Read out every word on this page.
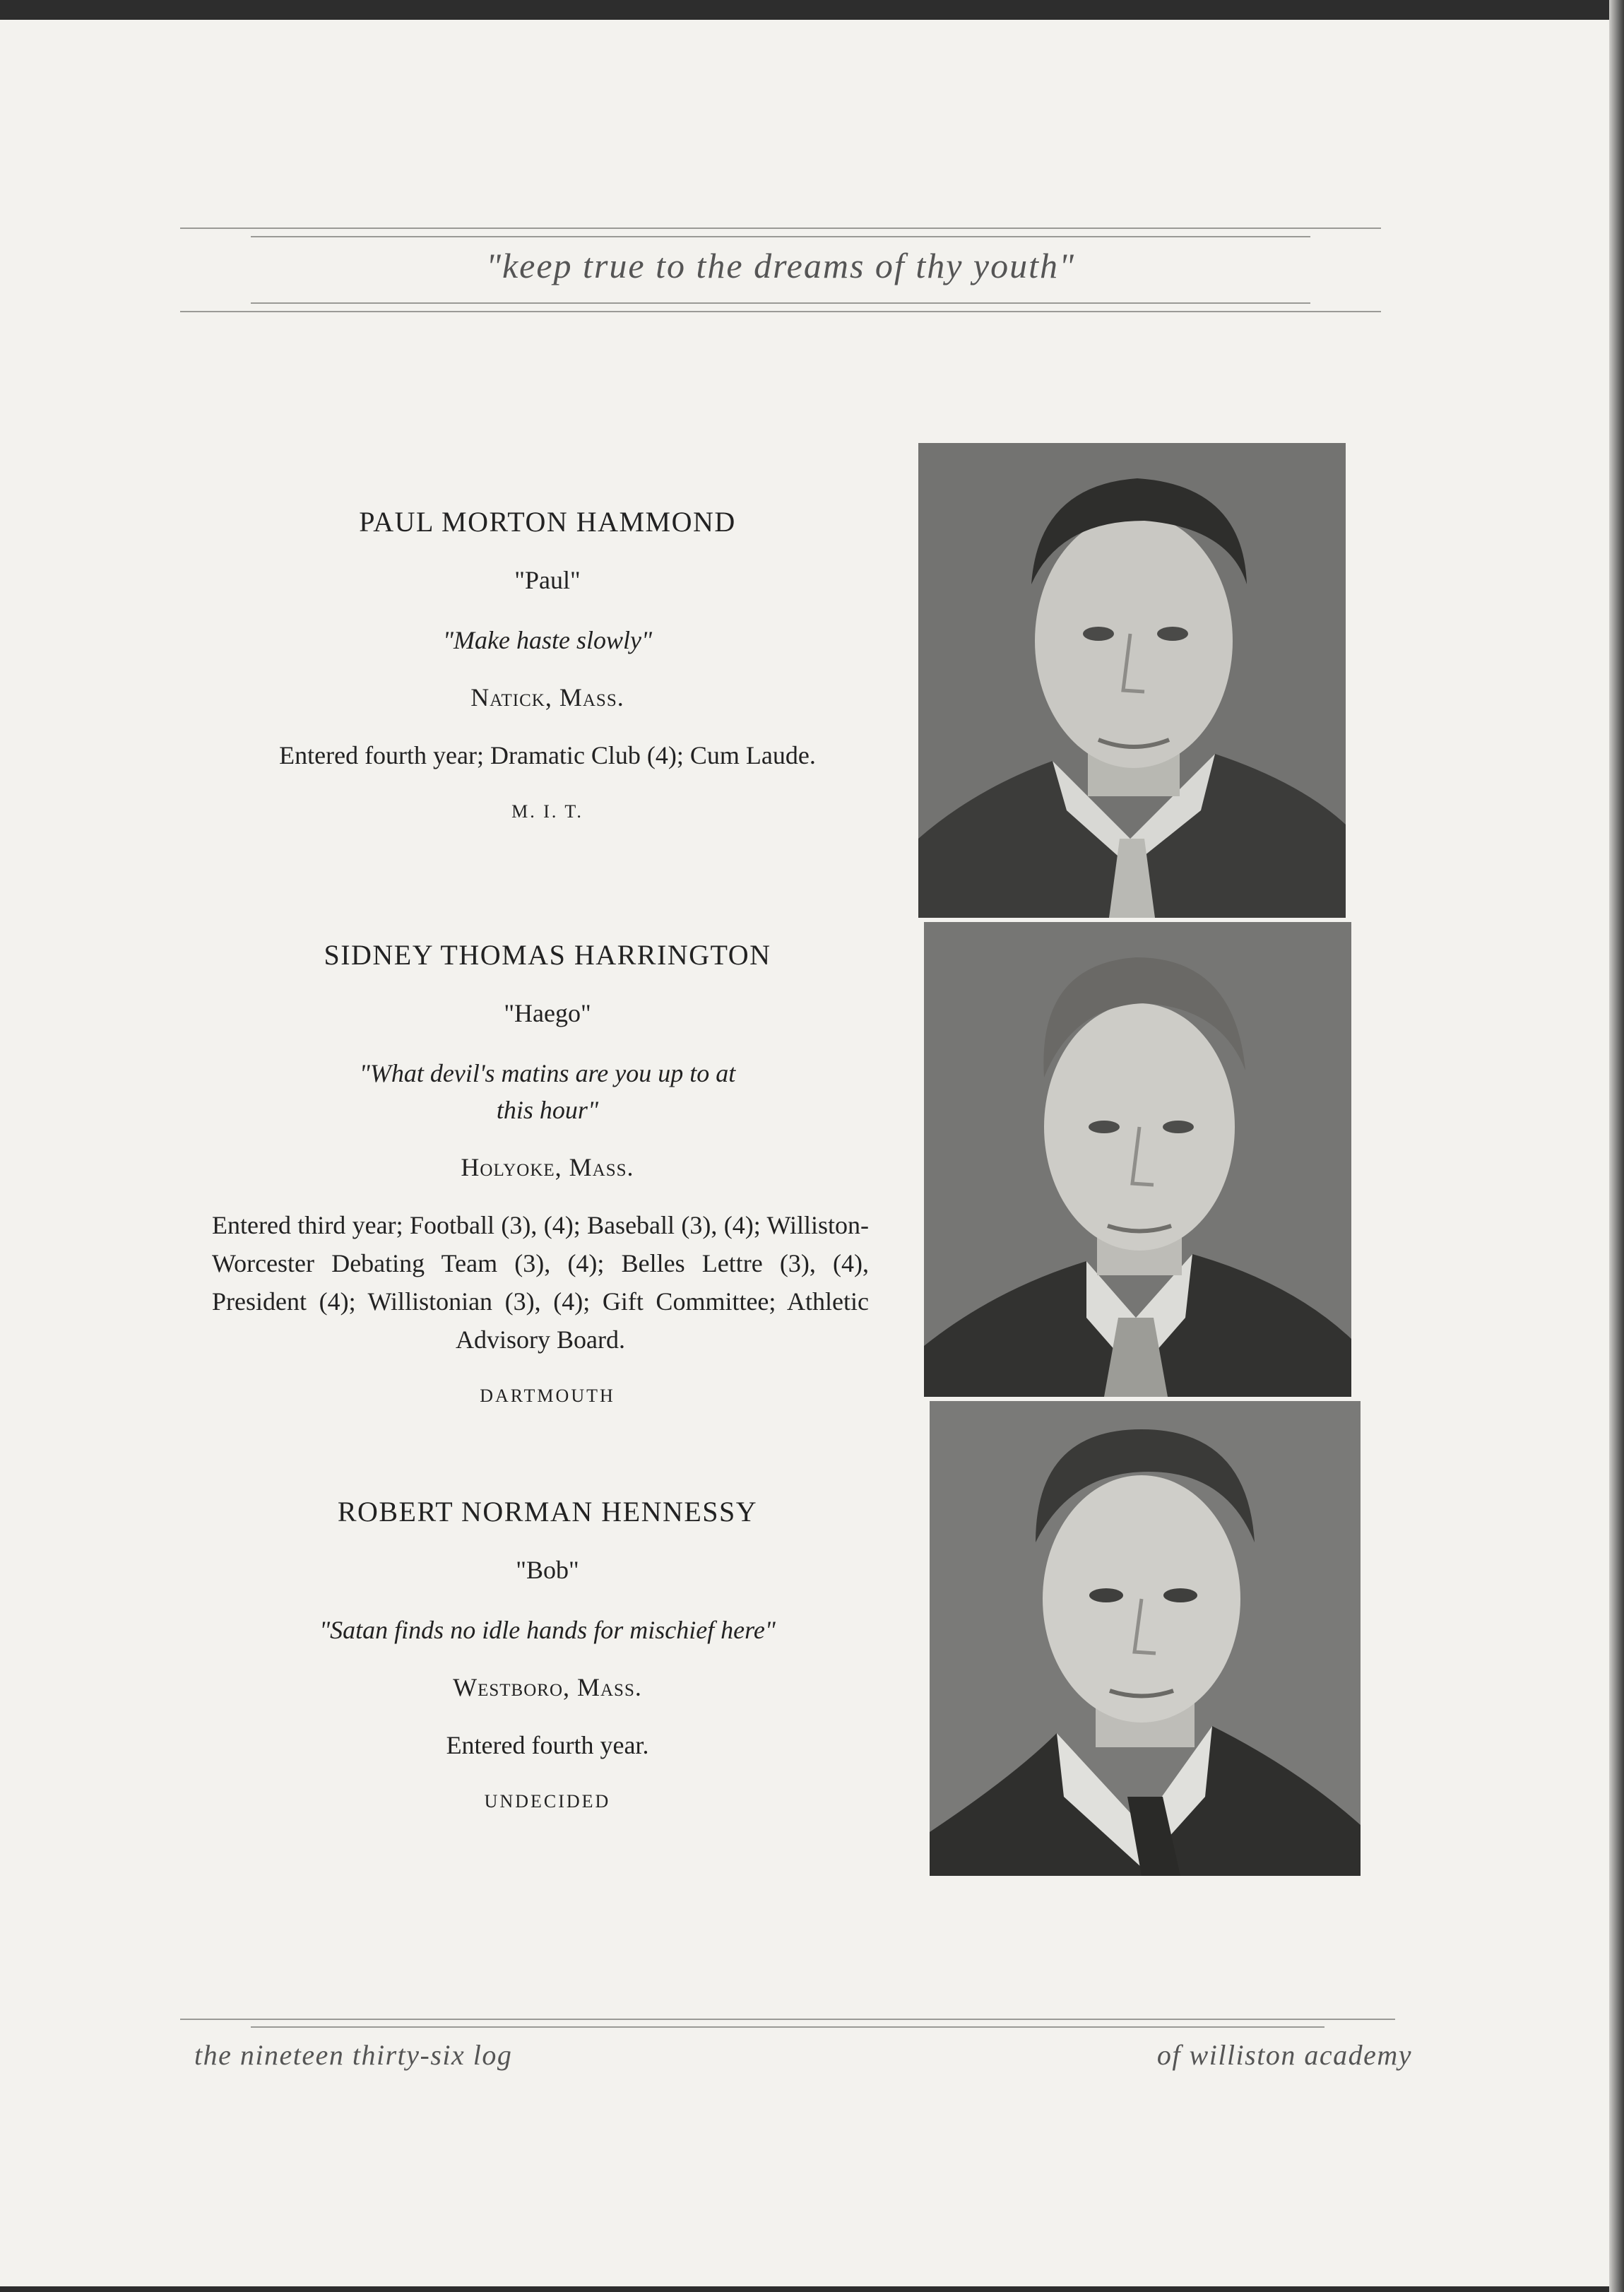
"keep true to the dreams of thy youth"
PAUL MORTON HAMMOND
"Paul"
"Make haste slowly"
Natick, Mass.
Entered fourth year; Dramatic Club (4); Cum Laude.
M. I. T.
SIDNEY THOMAS HARRINGTON
"Haego"
"What devil's matins are you up to at this hour"
Holyoke, Mass.
Entered third year; Football (3), (4); Baseball (3), (4); Williston-Worcester Debating Team (3), (4); Belles Lettre (3), (4), President (4); Willistonian (3), (4); Gift Committee; Athletic Advisory Board.
DARTMOUTH
ROBERT NORMAN HENNESSY
"Bob"
"Satan finds no idle hands for mischief here"
Westboro, Mass.
Entered fourth year.
UNDECIDED
the nineteen thirty-six log	of williston academy
